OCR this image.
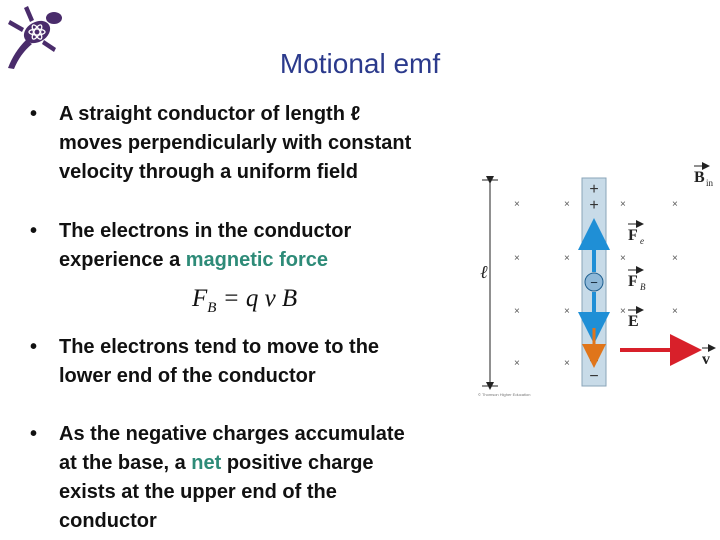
Motional emf
• A straight conductor of length ℓ
moves perpendicularly with constant
velocity through a uniform field
• The electrons in the conductor
experience a magnetic force
$F_B = q$ v B
• The electrons tend to move to the
lower end of the conductor
• As the negative charges accumulate
at the base, a net positive charge
exists at the upper end of the
conductor
ℓ
×	×	×	×
×	×	×	×
×	×	×	×
×	×
+
+
−
−
−
B in
F e
F B
E
v
© Thomson Higher Education
